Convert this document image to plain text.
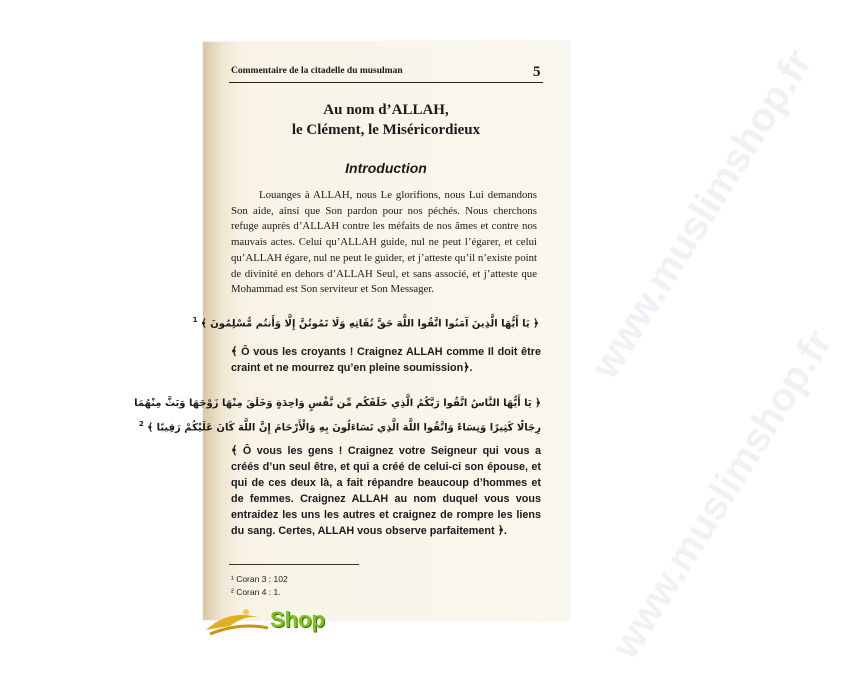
www.muslimshop.fr
www.muslimshop.fr
Commentaire de la citadelle du musulman	5
Au nom d’ALLAH,
le Clément, le Miséricordieux
Introduction
Louanges à ALLAH, nous Le glorifions, nous Lui demandons Son aide, ainsi que Son pardon pour nos péchés. Nous cherchons refuge auprès d’ALLAH contre les méfaits de nos âmes et contre nos mauvais actes. Celui qu’ALLAH guide, nul ne peut l’égarer, et celui qu’ALLAH égare, nul ne peut le guider, et j’atteste qu’il n’existe point de divinité en dehors d’ALLAH Seul, et sans associé, et j’atteste que Mohammad est Son serviteur et Son Messager.
﴿ يَا أَيُّهَا الَّذِينَ آمَنُوا اتَّقُوا اللَّهَ حَقَّ تُقَاتِهِ وَلَا تَمُوتُنَّ إِلَّا وَأَنتُم مُّسْلِمُونَ ﴾ $^1$
﴾ Ô vous les croyants ! Craignez ALLAH comme Il doit être craint et ne mourrez qu’en pleine soumission﴿.
﴿ يَا أَيُّهَا النَّاسُ اتَّقُوا رَبَّكُمُ الَّذِي خَلَقَكُم مِّن نَّفْسٍ وَاحِدَةٍ وَخَلَقَ مِنْهَا زَوْجَهَا وَبَثَّ مِنْهُمَا
رِجَالًا كَثِيرًا وَنِسَاءً وَاتَّقُوا اللَّهَ الَّذِي تَسَاءَلُونَ بِهِ وَالْأَرْحَامَ إِنَّ اللَّهَ كَانَ عَلَيْكُمْ رَقِيبًا ﴾ $^2$
﴾ Ô vous les gens ! Craignez votre Seigneur qui vous a créés d’un seul être, et qui a créé de celui-ci son épouse, et qui de ces deux là, a fait répandre beaucoup d’hommes et de femmes. Craignez ALLAH au nom duquel vous vous entraidez les uns les autres et craignez de rompre les liens du sang. Certes, ALLAH vous observe parfaitement ﴿.
¹ Coran 3 : 102
² Coran 4 : 1.
Shop
